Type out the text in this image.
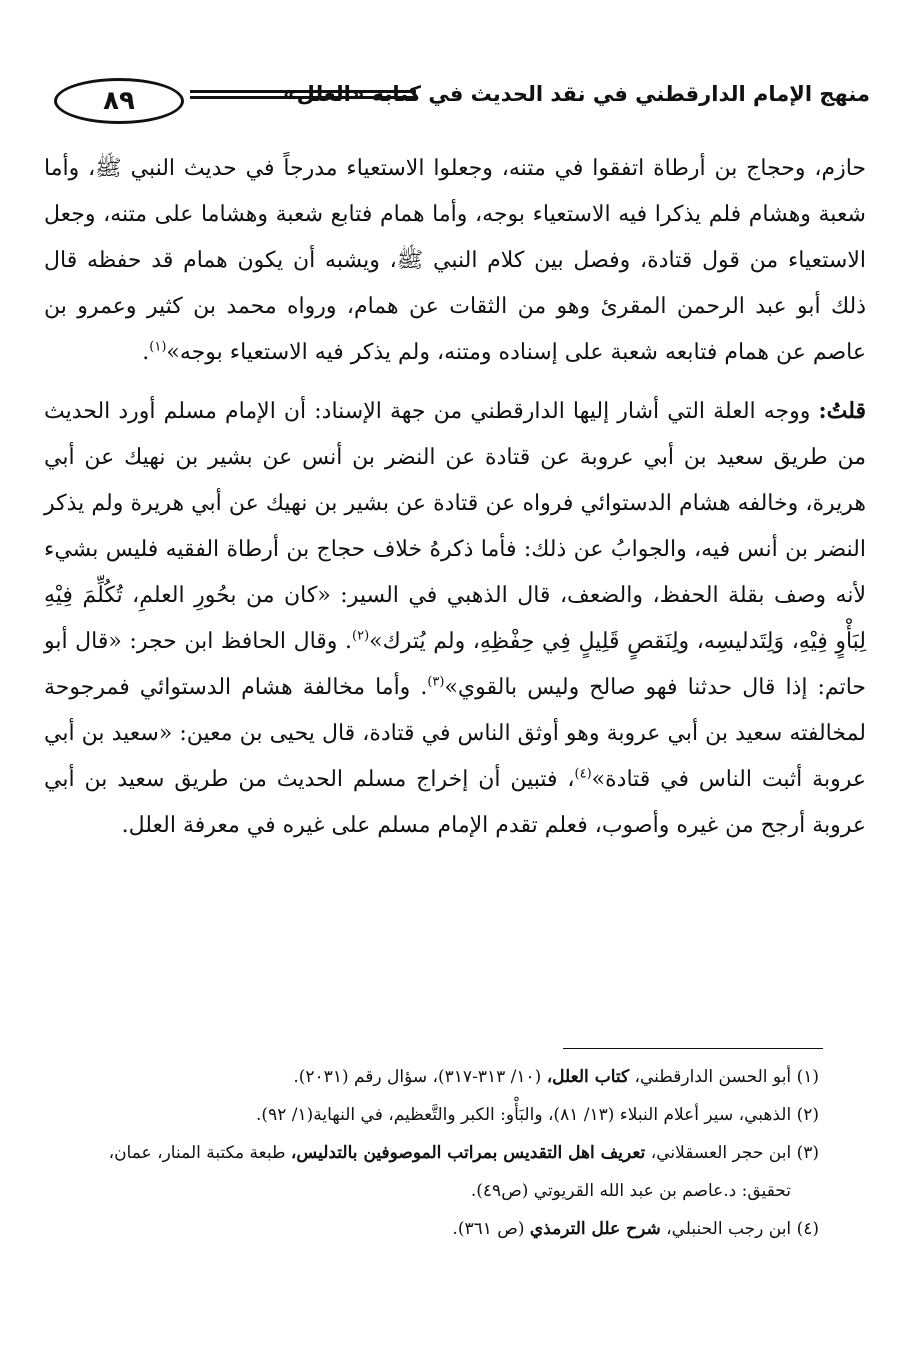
٨٩	منهج الإمام الدارقطني في نقد الحديث في كتابه «العلل»

حازم، وحجاج بن أرطاة اتفقوا في متنه، وجعلوا الاستعياء مدرجاً في حديث النبي ﷺ، وأما شعبة وهشام فلم يذكرا فيه الاستعياء بوجه، وأما همام فتابع شعبة وهشاما على متنه، وجعل الاستعياء من قول قتادة، وفصل بين كلام النبي ﷺ، ويشبه أن يكون همام قد حفظه قال ذلك أبو عبد الرحمن المقرئ وهو من الثقات عن همام، ورواه محمد بن كثير وعمرو بن عاصم عن همام فتابعه شعبة على إسناده ومتنه، ولم يذكر فيه الاستعياء بوجه»$^{(١)}$.

قلتُ: ووجه العلة التي أشار إليها الدارقطني من جهة الإسناد: أن الإمام مسلم أورد الحديث من طريق سعيد بن أبي عروبة عن قتادة عن النضر بن أنس عن بشير بن نهيك عن أبي هريرة، وخالفه هشام الدستوائي فرواه عن قتادة عن بشير بن نهيك عن أبي هريرة ولم يذكر النضر بن أنس فيه، والجوابُ عن ذلك: فأما ذكرهُ خلاف حجاج بن أرطاة الفقيه فليس بشيء لأنه وصف بقلة الحفظ، والضعف، قال الذهبي في السير: «كان من بحُورِ العلمِ، تُكُلِّمَ فِيْهِ لِبَأْوٍ فِيْهِ، وَلِتَدليسِه، ولِنَقصٍ قَلِيلٍ فِي حِفْظِهِ، ولم يُترك»$^{(٢)}$. وقال الحافظ ابن حجر: «قال أبو حاتم: إذا قال حدثنا فهو صالح وليس بالقوي»$^{(٣)}$. وأما مخالفة هشام الدستوائي فمرجوحة لمخالفته سعيد بن أبي عروبة وهو أوثق الناس في قتادة، قال يحيى بن معين: «سعيد بن أبي عروبة أثبت الناس في قتادة»$^{(٤)}$، فتبين أن إخراج مسلم الحديث من طريق سعيد بن أبي عروبة أرجح من غيره وأصوب، فعلم تقدم الإمام مسلم على غيره في معرفة العلل.

(١) أبو الحسن الدارقطني، كتاب العلل، (١٠/ ٣١٣-٣١٧)، سؤال رقم (٢٠٣١).

(٢) الذهبي، سير أعلام النبلاء (١٣/ ٨١)، والبَأْو: الكبر والتَّعظيم، في النهاية(١/ ٩٢).

(٣) ابن حجر العسقلاني، تعريف اهل التقديس بمراتب الموصوفين بالتدليس، طبعة مكتبة المنار، عمان،

تحقيق: د.عاصم بن عبد الله القريوتي (ص٤٩).

(٤) ابن رجب الحنبلي، شرح علل الترمذي (ص ٣٦١).
